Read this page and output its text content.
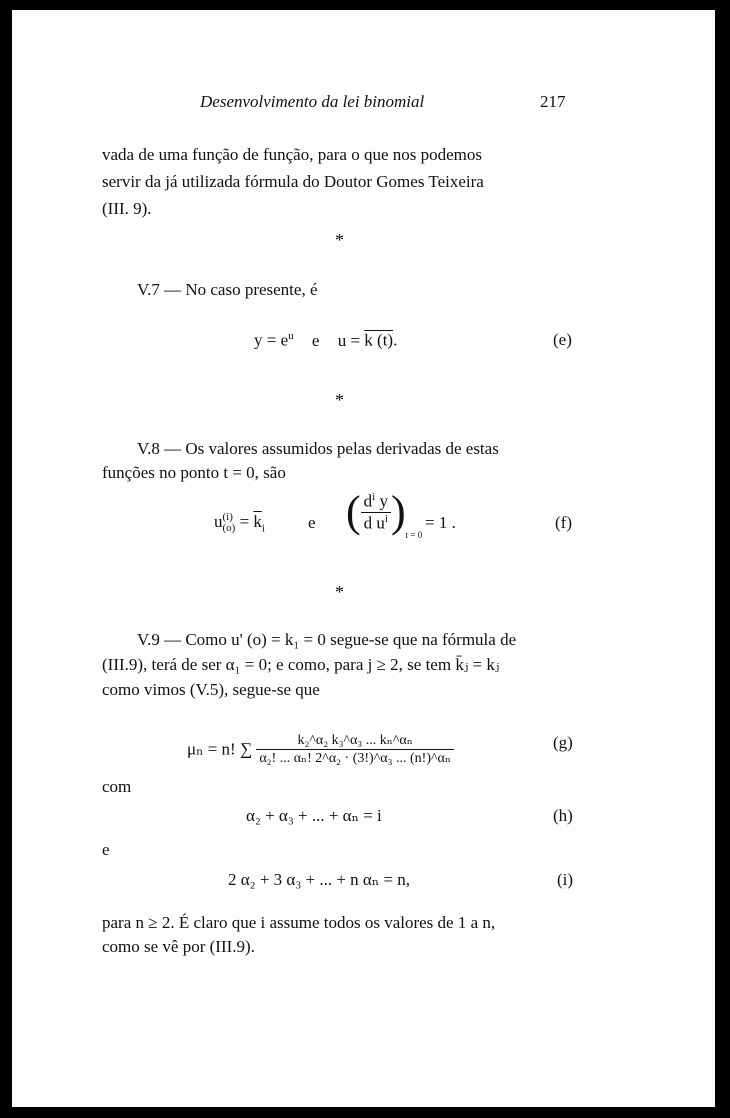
Desenvolvimento da lei binomial	217
vada de uma função de função, para o que nos podemos
servir da já utilizada fórmula do Doutor Gomes Teixeira
(III. 9).
*
V.7 — No caso presente, é
$y = e^u$ e u = k (t).	(e)
*
V.8 — Os valores assumidos pelas derivadas de estas
funções no ponto t = 0, são
u (i)
$(o) = \overline{k}_i$	e ( $\frac{d^i y}{d u^i} )_{t = 0}$
= 1 .	(f)
*
V.9 — Como u' (o) = k₁ = 0 segue-se que na fórmula de
(III.9), terá de ser α₁ = 0; e como, para j ≥ 2, se tem k̄ⱼ = kⱼ
como vimos (V.5), segue-se que
μₙ = n! ∑ $\frac{\text{k₂\textasciicircum{}α₂ k₃\textasciicircum{}α₃ ... kₙ\textasciicircum{}αₙ}}{\text{α₂! ... αₙ! 2\textasciicircum{}α₂ · (3!)\textasciicircum{}α₃ ... (n!)\textasciicircum{}αₙ}}$	(g)
com
α₂ + α₃ + ... + αₙ = i	(h)
e
2 α₂ + 3 α₃ + ... + n αₙ = n,	(i)
para n ≥ 2. É claro que i assume todos os valores de 1 a n,
como se vê por (III.9).
